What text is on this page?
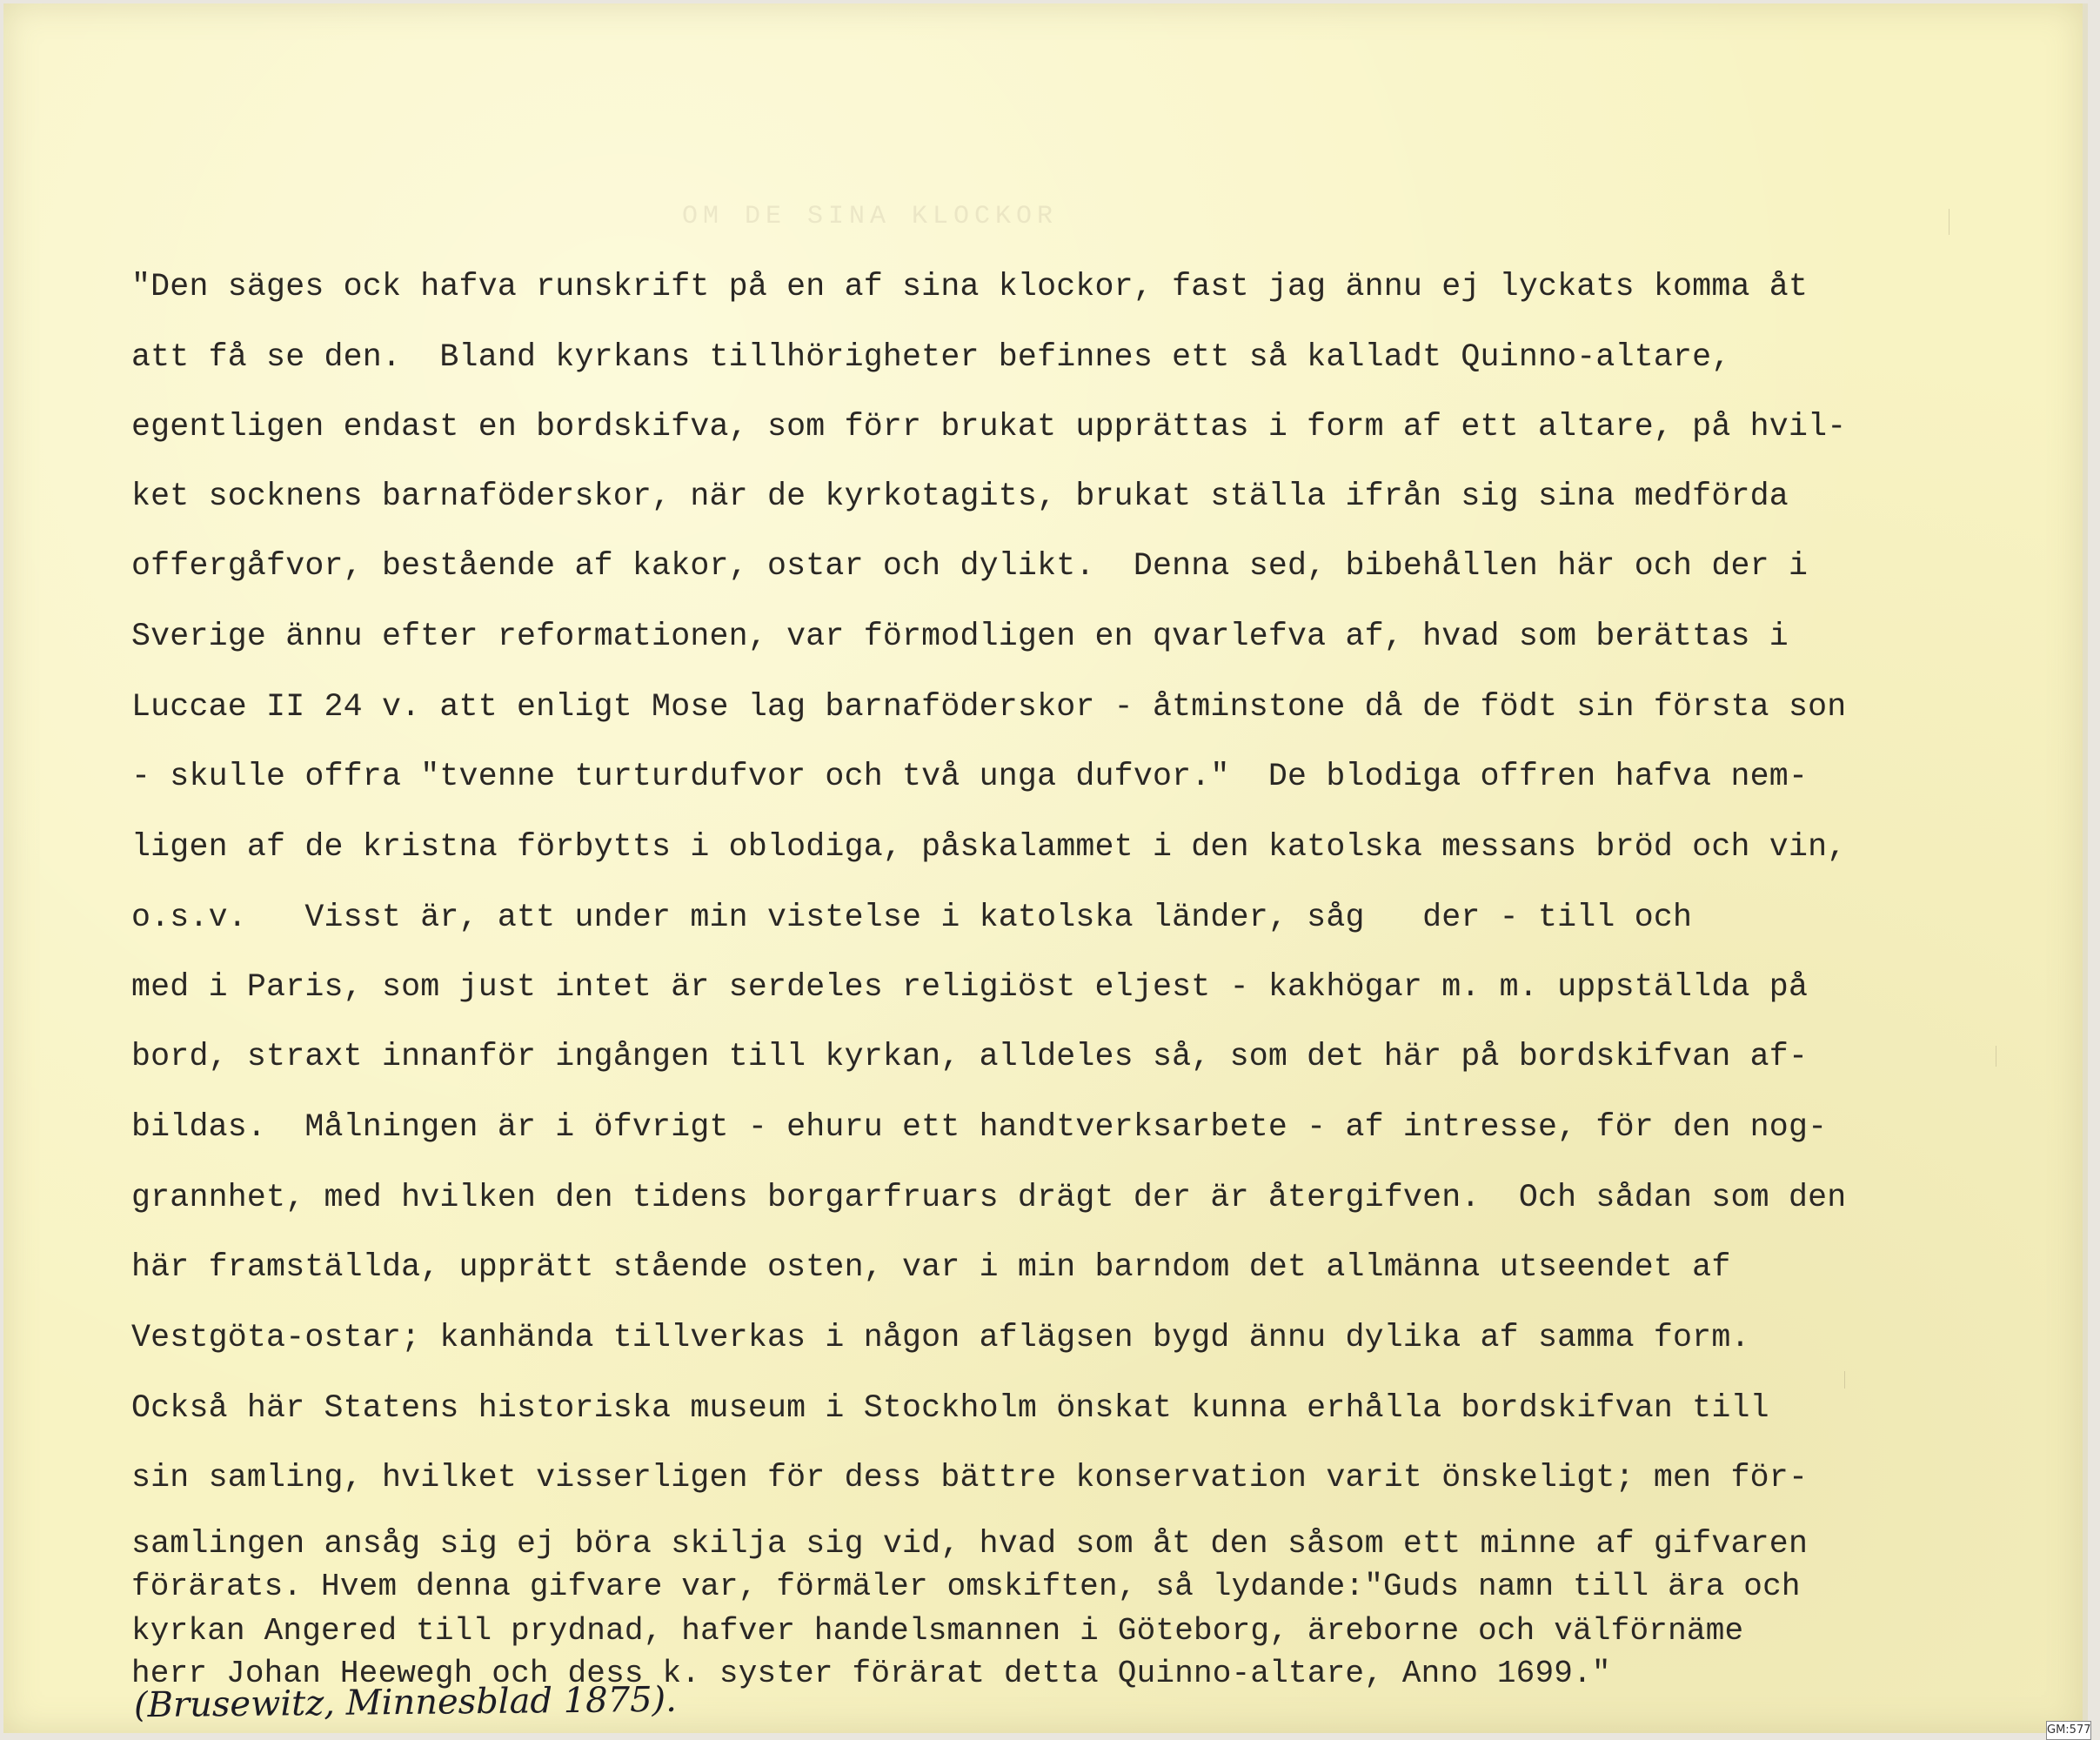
OM DE SINA KLOCKOR
"Den säges ock hafva runskrift på en af sina klockor, fast jag ännu ej lyckats komma åt
att få se den.  Bland kyrkans tillhörigheter befinnes ett så kalladt Quinno-altare,
egentligen endast en bordskifva, som förr brukat upprättas i form af ett altare, på hvil-
ket socknens barnaföderskor, när de kyrkotagits, brukat ställa ifrån sig sina medförda
offergåfvor, bestående af kakor, ostar och dylikt.  Denna sed, bibehållen här och der i
Sverige ännu efter reformationen, var förmodligen en qvarlefva af, hvad som berättas i
Luccae II 24 v. att enligt Mose lag barnaföderskor - åtminstone då de födt sin första son
- skulle offra "tvenne turturdufvor och två unga dufvor."  De blodiga offren hafva nem-
ligen af de kristna förbytts i oblodiga, påskalammet i den katolska messans bröd och vin,
o.s.v.   Visst är, att under min vistelse i katolska länder, såg   der - till och
med i Paris, som just intet är serdeles religiöst eljest - kakhögar m. m. uppställda på
bord, straxt innanför ingången till kyrkan, alldeles så, som det här på bordskifvan af-
bildas.  Målningen är i öfvrigt - ehuru ett handtverksarbete - af intresse, för den nog-
grannhet, med hvilken den tidens borgarfruars drägt der är återgifven.  Och sådan som den
här framställda, upprätt stående osten, var i min barndom det allmänna utseendet af
Vestgöta-ostar; kanhända tillverkas i någon aflägsen bygd ännu dylika af samma form.
Också här Statens historiska museum i Stockholm önskat kunna erhålla bordskifvan till
sin samling, hvilket visserligen för dess bättre konservation varit önskeligt; men för-
samlingen ansåg sig ej böra skilja sig vid, hvad som åt den såsom ett minne af gifvaren
förärats. Hvem denna gifvare var, förmäler omskiften, så lydande:"Guds namn till ära och
kyrkan Angered till prydnad, hafver handelsmannen i Göteborg, äreborne och välförnäme
herr Johan Heewegh och dess k. syster förärat detta Quinno-altare, Anno 1699."
(Brusewitz, Minnesblad 1875).
GM:577
